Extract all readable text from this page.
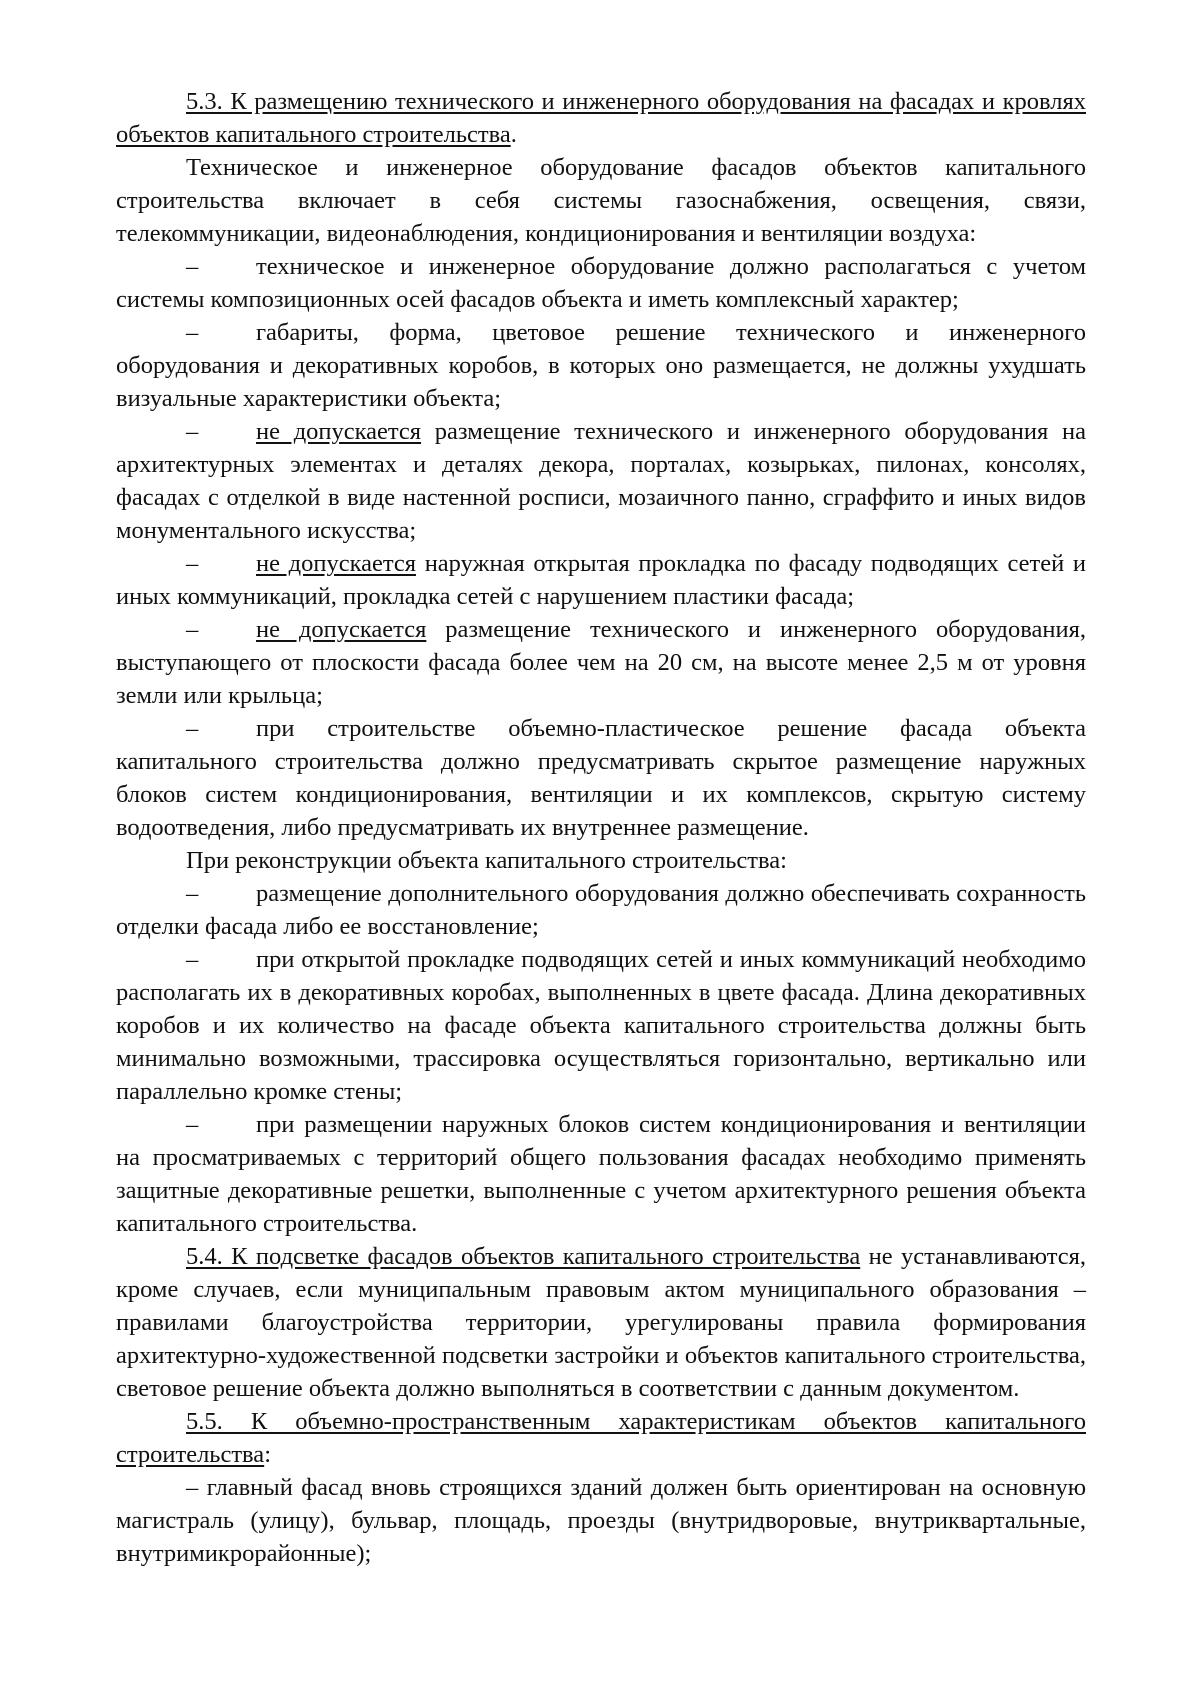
5.3. К размещению технического и инженерного оборудования на фасадах и кровлях объектов капитального строительства.

Техническое и инженерное оборудование фасадов объектов капитального строительства включает в себя системы газоснабжения, освещения, связи, телекоммуникации, видеонаблюдения, кондиционирования и вентиляции воздуха:

– техническое и инженерное оборудование должно располагаться с учетом системы композиционных осей фасадов объекта и иметь комплексный характер;

– габариты, форма, цветовое решение технического и инженерного оборудования и декоративных коробов, в которых оно размещается, не должны ухудшать визуальные характеристики объекта;

– не допускается размещение технического и инженерного оборудования на архитектурных элементах и деталях декора, порталах, козырьках, пилонах, консолях, фасадах с отделкой в виде настенной росписи, мозаичного панно, сграффито и иных видов монументального искусства;

– не допускается наружная открытая прокладка по фасаду подводящих сетей и иных коммуникаций, прокладка сетей с нарушением пластики фасада;

– не допускается размещение технического и инженерного оборудования, выступающего от плоскости фасада более чем на 20 см, на высоте менее 2,5 м от уровня земли или крыльца;

– при строительстве объемно-пластическое решение фасада объекта капитального строительства должно предусматривать скрытое размещение наружных блоков систем кондиционирования, вентиляции и их комплексов, скрытую систему водоотведения, либо предусматривать их внутреннее размещение.

При реконструкции объекта капитального строительства:

– размещение дополнительного оборудования должно обеспечивать сохранность отделки фасада либо ее восстановление;

– при открытой прокладке подводящих сетей и иных коммуникаций необходимо располагать их в декоративных коробах, выполненных в цвете фасада. Длина декоративных коробов и их количество на фасаде объекта капитального строительства должны быть минимально возможными, трассировка осуществляться горизонтально, вертикально или параллельно кромке стены;

– при размещении наружных блоков систем кондиционирования и вентиляции на просматриваемых с территорий общего пользования фасадах необходимо применять защитные декоративные решетки, выполненные с учетом архитектурного решения объекта капитального строительства.

5.4. К подсветке фасадов объектов капитального строительства не устанавливаются, кроме случаев, если муниципальным правовым актом муниципального образования – правилами благоустройства территории, урегулированы правила формирования архитектурно-художественной подсветки застройки и объектов капитального строительства, световое решение объекта должно выполняться в соответствии с данным документом.

5.5. К объемно-пространственным характеристикам объектов капитального строительства:

– главный фасад вновь строящихся зданий должен быть ориентирован на основную магистраль (улицу), бульвар, площадь, проезды (внутридворовые, внутриквартальные, внутримикрорайонные);
